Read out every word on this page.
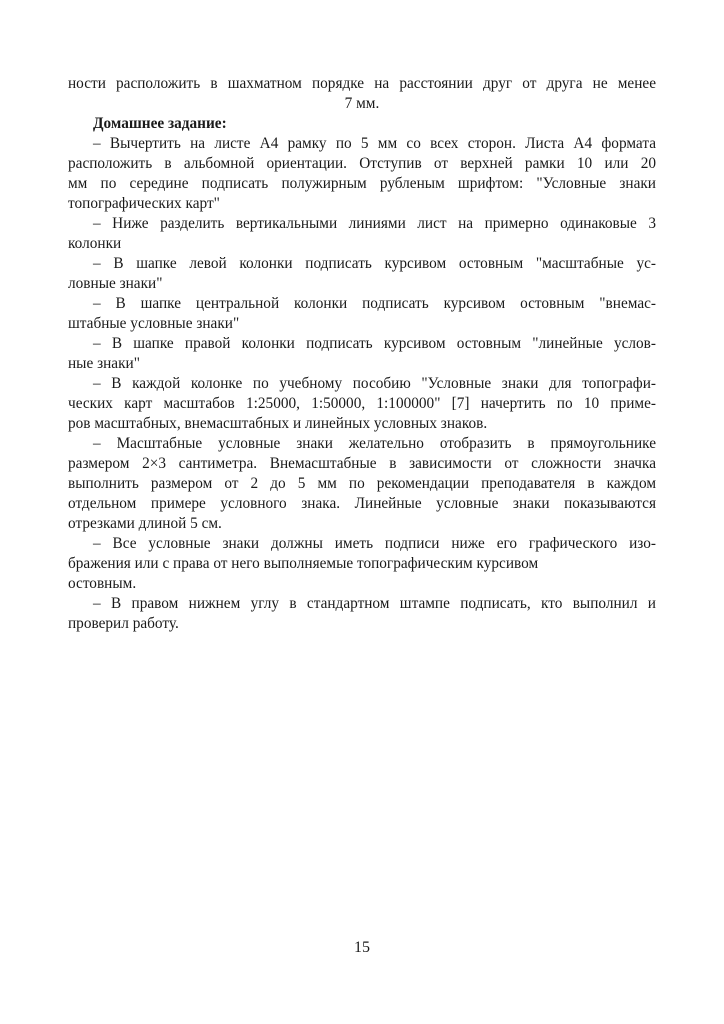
ности расположить в шахматном порядке на расстоянии друг от друга не менее
7 мм.
Домашнее задание:
– Вычертить на листе А4 рамку по 5 мм со всех сторон. Листа А4 формата
расположить в альбомной ориентации. Отступив от верхней рамки 10 или 20
мм по середине подписать полужирным рубленым шрифтом: "Условные знаки
топографических карт"
– Ниже разделить вертикальными линиями лист на примерно одинаковые 3
колонки
– В шапке левой колонки подписать курсивом остовным "масштабные ус-
ловные знаки"
– В шапке центральной колонки подписать курсивом остовным "внемас-
штабные условные знаки"
– В шапке правой колонки подписать курсивом остовным "линейные услов-
ные знаки"
– В каждой колонке по учебному пособию "Условные знаки для топографи-
ческих карт масштабов 1:25000, 1:50000, 1:100000" [7] начертить по 10 приме-
ров масштабных, внемасштабных и линейных условных знаков.
– Масштабные условные знаки желательно отобразить в прямоугольнике
размером 2×3 сантиметра. Внемасштабные в зависимости от сложности значка
выполнить размером от 2 до 5 мм по рекомендации преподавателя в каждом
отдельном примере условного знака. Линейные условные знаки показываются
отрезками длиной 5 см.
– Все условные знаки должны иметь подписи ниже его графического изо-
бражения или с права от него выполняемые топографическим курсивом
остовным.
– В правом нижнем углу в стандартном штампе подписать, кто выполнил и
проверил работу.
15
